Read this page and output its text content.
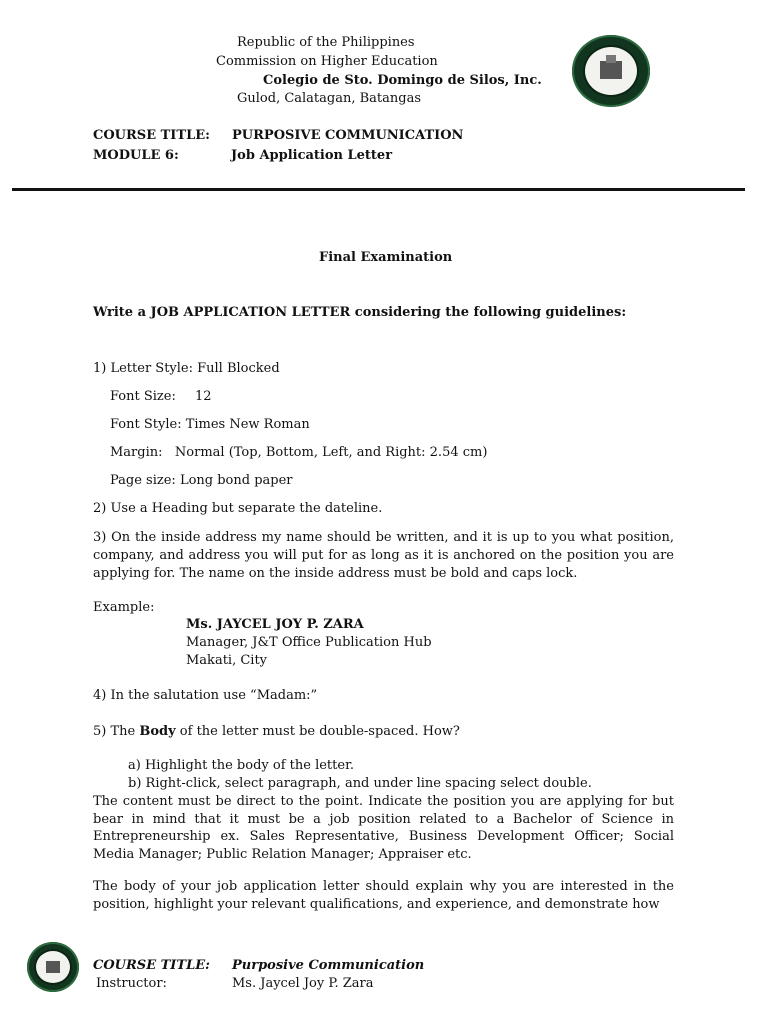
Republic of the Philippines
Commission on Higher Education
Colegio de Sto. Domingo de Silos, Inc.
Gulod, Calatagan, Batangas
COURSE TITLE: PURPOSIVE COMMUNICATION
MODULE 6:	Job Application Letter
Final Examination
Write a JOB APPLICATION LETTER considering the following guidelines:
1) Letter Style: Full Blocked
Font Size: 12
Font Style: Times New Roman
Margin:   Normal (Top, Bottom, Left, and Right: 2.54 cm)
Page size: Long bond paper
2) Use a Heading but separate the dateline.
3) On the inside address my name should be written, and it is up to you what position, company, and address you will put for as long as it is anchored on the position you are applying for. The name on the inside address must be bold and caps lock.
Example:
Ms. JAYCEL JOY P. ZARA
Manager, J&T Office Publication Hub
Makati, City
4) In the salutation use “Madam:”
5) The Body of the letter must be double-spaced. How?
a) Highlight the body of the letter.
b) Right-click, select paragraph, and under line spacing select double.
The content must be direct to the point. Indicate the position you are applying for but bear in mind that it must be a job position related to a Bachelor of Science in Entrepreneurship ex. Sales Representative, Business Development Officer; Social Media Manager; Public Relation Manager; Appraiser etc.
The body of your job application letter should explain why you are interested in the position, highlight your relevant qualifications, and experience, and demonstrate how
COURSE TITLE: Purposive Communication
Instructor:	Ms. Jaycel Joy P. Zara
